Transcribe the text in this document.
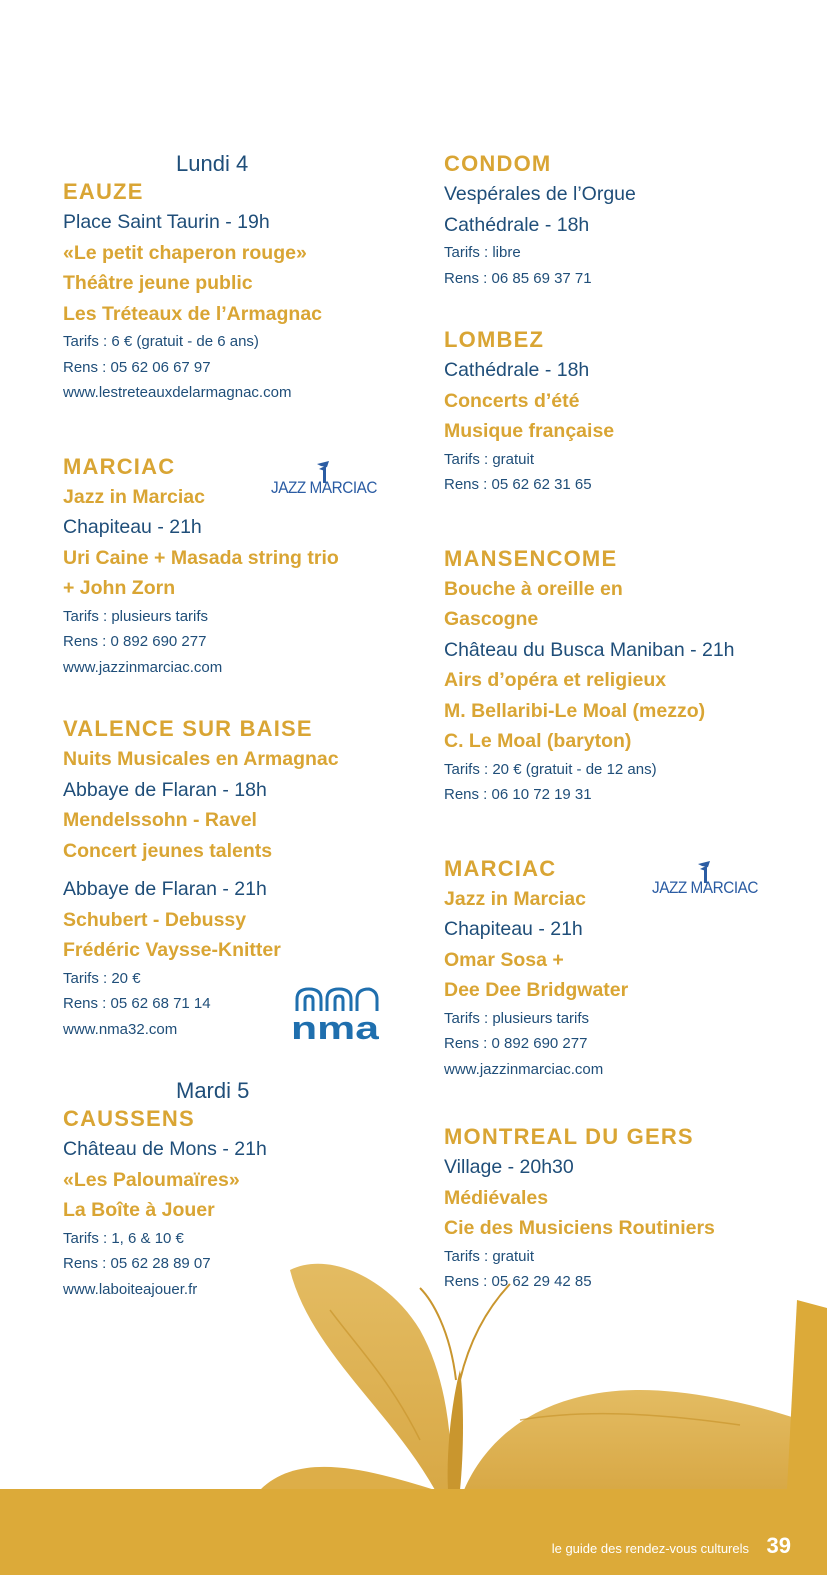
Lundi 4
EAUZE
Place Saint Taurin - 19h
«Le petit chaperon rouge»
Théâtre jeune public
Les Tréteaux de l’Armagnac
Tarifs : 6 € (gratuit - de 6 ans)
Rens : 05 62 06 67 97
www.lestreteauxdelarmagnac.com
MARCIAC
Jazz in Marciac
Chapiteau - 21h
Uri Caine + Masada string trio
+ John Zorn
Tarifs : plusieurs tarifs
Rens : 0 892 690 277
www.jazzinmarciac.com
JAZZ MARCIAC
VALENCE SUR BAISE
Nuits Musicales en Armagnac
Abbaye de Flaran - 18h
Mendelssohn - Ravel
Concert jeunes talents
Abbaye de Flaran - 21h
Schubert - Debussy
Frédéric Vaysse-Knitter
Tarifs : 20 €
Rens : 05 62 68 71 14
www.nma32.com	nma
Mardi 5
CAUSSENS
Château de Mons - 21h
«Les Paloumaïres»
La Boîte à Jouer
Tarifs : 1, 6 & 10 €
Rens : 05 62 28 89 07
www.laboiteajouer.fr
CONDOM
Vespérales de l’Orgue
Cathédrale - 18h
Tarifs : libre
Rens : 06 85 69 37 71
LOMBEZ
Cathédrale - 18h
Concerts d’été
Musique française
Tarifs : gratuit
Rens : 05 62 62 31 65
MANSENCOME
Bouche à oreille en
Gascogne
Château du Busca Maniban - 21h
Airs d’opéra et religieux
M. Bellaribi-Le Moal (mezzo)
C. Le Moal (baryton)
Tarifs : 20 € (gratuit - de 12 ans)
Rens : 06 10 72 19 31
MARCIAC
Jazz in Marciac
Chapiteau - 21h
Omar Sosa +
Dee Dee Bridgwater
Tarifs : plusieurs tarifs
Rens : 0 892 690 277
www.jazzinmarciac.com
JAZZ MARCIAC
MONTREAL DU GERS
Village - 20h30
Médiévales
Cie des Musiciens Routiniers
Tarifs : gratuit
Rens : 05 62 29 42 85
le guide des rendez-vous culturels 39
